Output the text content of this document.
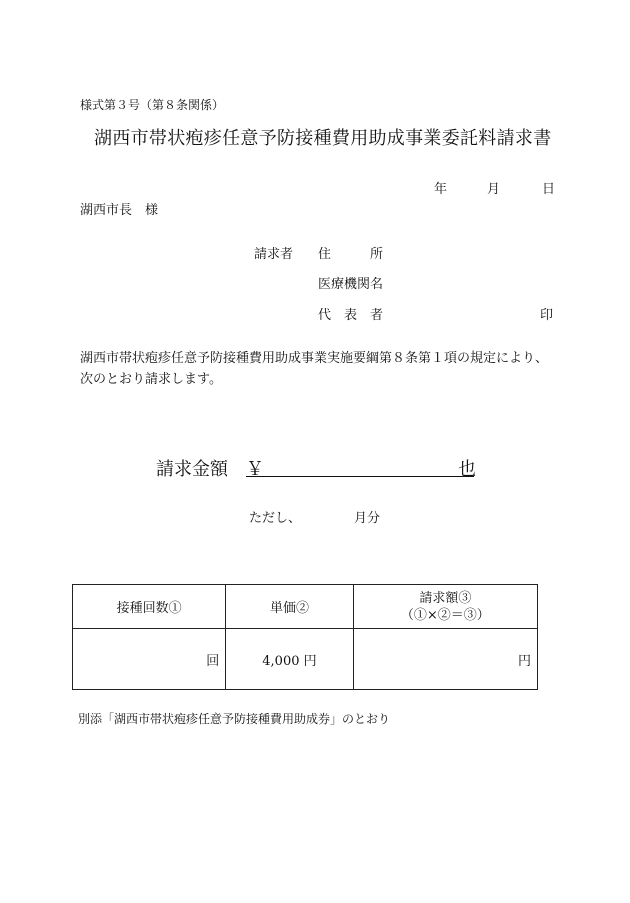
様式第３号（第８条関係）
湖西市帯状疱疹任意予防接種費用助成事業委託料請求書
年	月	日
湖西市長　様
請求者 住　　　所
医療機関名
代　表　者	印
湖西市帯状疱疹任意予防接種費用助成事業実施要綱第８条第１項の規定により、次のとおり請求します。
請求金額 ￥	也
ただし、	月分
接種回数①	単価②	請求額③
（①×②＝③）

回	4,000 円	円
別添「湖西市帯状疱疹任意予防接種費用助成券」のとおり
